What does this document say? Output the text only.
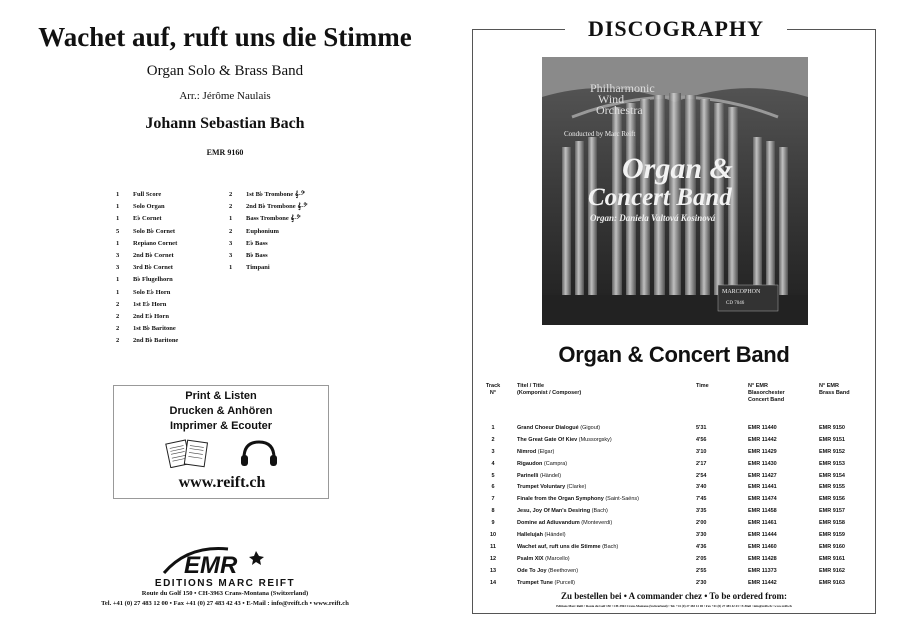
Wachet auf, ruft uns die Stimme
Organ Solo & Brass Band
Arr.: Jérôme Naulais
Johann Sebastian Bach
EMR 9160
1	Full Score
1	Solo Organ
1	E♭ Cornet
5	Solo B♭ Cornet
1	Repiano Cornet
3	2nd B♭ Cornet
3	3rd B♭ Cornet
1	B♭ Flugelhorn
1	Solo E♭ Horn
2	1st E♭ Horn
2	2nd E♭ Horn
2	1st B♭ Baritone
2	2nd B♭ Baritone
2	1st B♭ Trombone 𝄞-𝄢
2	2nd B♭ Trombone 𝄞-𝄢
1	Bass Trombone 𝄞-𝄢
2	Euphonium
3	E♭ Bass
3	B♭ Bass
1	Timpani
Print & Listen
Drucken & Anhören
Imprimer & Ecouter
www.reift.ch
EMR
EDITIONS MARC REIFT
Route du Golf 150 • CH-3963 Crans-Montana (Switzerland)
Tel. +41 (0) 27 483 12 00 • Fax +41 (0) 27 483 42 43 • E-Mail : info@reift.ch • www.reift.ch
DISCOGRAPHY
Philharmonic
Wind
Orchestra
Conducted by Marc Reift
Organ &
Concert Band
Organ: Daniela Valtová Kosinová
MARCOPHON
CD 7046
Organ & Concert Band
Track
N°
Titel / Title
(Komponist / Composer)
Time	N° EMR
Blasorchester
Concert Band
N° EMR
Brass Band
1	Grand Choeur Dialogué (Gigout)	5'31	EMR 11440	EMR 9150
2	The Great Gate Of Kiev (Mussorgsky)	4'56	EMR 11442	EMR 9151
3	Nimrod (Elgar)	3'10	EMR 11429	EMR 9152
4	Rigaudon (Campra)	2'17	EMR 11430	EMR 9153
5	Parinelli (Händel)	2'54	EMR 11427	EMR 9154
6	Trumpet Voluntary (Clarke)	3'40	EMR 11441	EMR 9155
7	Finale from the Organ Symphony (Saint-Saëns)	7'45	EMR 11474	EMR 9156
8	Jesu, Joy Of Man's Desiring (Bach)	3'35	EMR 11458	EMR 9157
9	Domine ad Adiuvandum (Monteverdi)	2'00	EMR 11461	EMR 9158
10	Hallelujah (Händel)	3'30	EMR 11444	EMR 9159
11	Wachet auf, ruft uns die Stimme (Bach)	4'36	EMR 11460	EMR 9160
12	Psalm XIX (Marcello)	2'05	EMR 11428	EMR 9161
13	Ode To Joy (Beethoven)	2'55	EMR 11373	EMR 9162
14	Trumpet Tune (Purcell)	2'30	EMR 11442	EMR 9163
Zu bestellen bei • A commander chez • To be ordered from:
Editions Marc Reift • Route du Golf 150 • CH-3963 Crans-Montana (Switzerland) • Tel. +41 (0) 27 483 12 00 • Fax +41 (0) 27 483 42 43 • E-Mail : info@reift.ch • www.reift.ch
